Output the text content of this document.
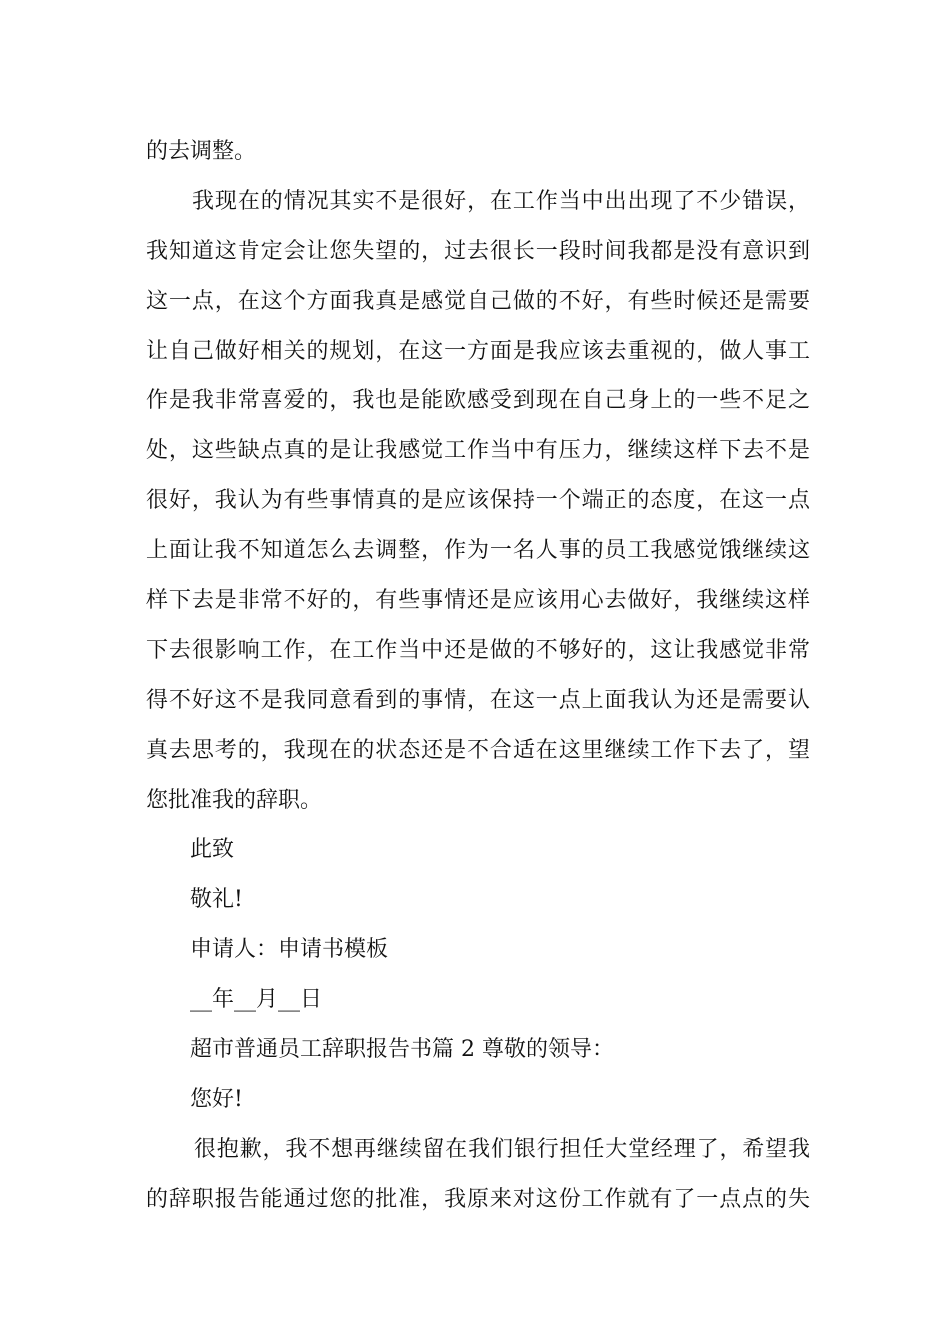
的去调整。
我现在的情况其实不是很好，在工作当中出出现了不少错误，
我知道这肯定会让您失望的，过去很长一段时间我都是没有意识到
这一点，在这个方面我真是感觉自己做的不好，有些时候还是需要
让自己做好相关的规划，在这一方面是我应该去重视的，做人事工
作是我非常喜爱的，我也是能欧感受到现在自己身上的一些不足之
处，这些缺点真的是让我感觉工作当中有压力，继续这样下去不是
很好，我认为有些事情真的是应该保持一个端正的态度，在这一点
上面让我不知道怎么去调整，作为一名人事的员工我感觉饿继续这
样下去是非常不好的，有些事情还是应该用心去做好，我继续这样
下去很影响工作，在工作当中还是做的不够好的，这让我感觉非常
得不好这不是我同意看到的事情，在这一点上面我认为还是需要认
真去思考的，我现在的状态还是不合适在这里继续工作下去了，望
您批准我的辞职。
此致
敬礼!
申请人：申请书模板
__年__月__日
超市普通员工辞职报告书篇 2 尊敬的领导：
您好!
很抱歉，我不想再继续留在我们银行担任大堂经理了，希望我
的辞职报告能通过您的批准，我原来对这份工作就有了一点点的失
